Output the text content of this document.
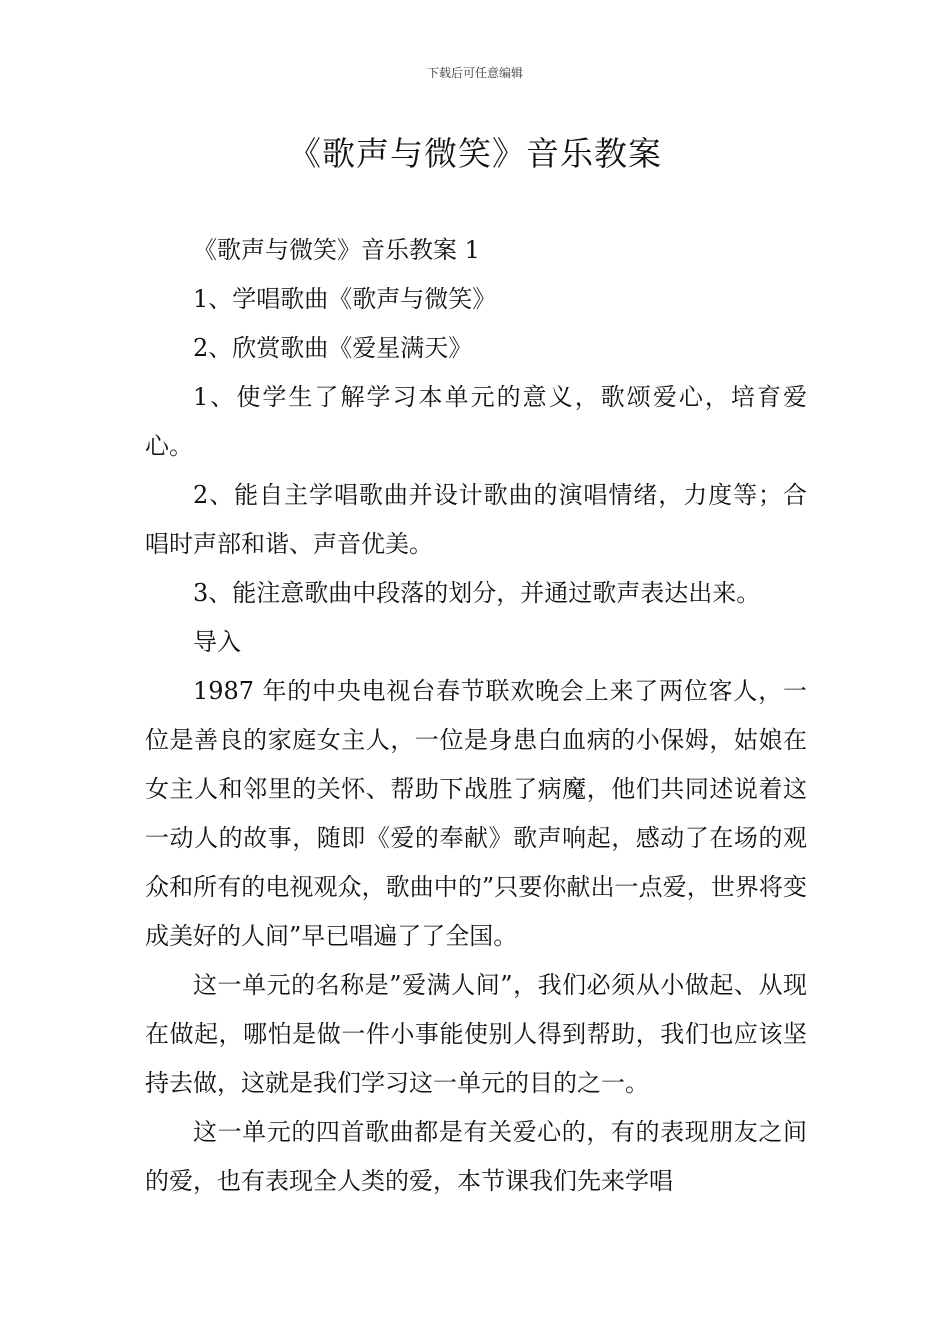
下载后可任意编辑
《歌声与微笑》音乐教案

《歌声与微笑》音乐教案 1

1、学唱歌曲《歌声与微笑》

2、欣赏歌曲《爱星满天》

1、使学生了解学习本单元的意义，歌颂爱心，培育爱心。

2、能自主学唱歌曲并设计歌曲的演唱情绪，力度等；合唱时声部和谐、声音优美。

3、能注意歌曲中段落的划分，并通过歌声表达出来。

导入

1987 年的中央电视台春节联欢晚会上来了两位客人，一位是善良的家庭女主人，一位是身患白血病的小保姆，姑娘在女主人和邻里的关怀、帮助下战胜了病魔，他们共同述说着这一动人的故事，随即《爱的奉献》歌声响起，感动了在场的观众和所有的电视观众，歌曲中的”只要你献出一点爱，世界将变成美好的人间”早已唱遍了了全国。

这一单元的名称是”爱满人间”，我们必须从小做起、从现在做起，哪怕是做一件小事能使别人得到帮助，我们也应该坚持去做，这就是我们学习这一单元的目的之一。

这一单元的四首歌曲都是有关爱心的，有的表现朋友之间的爱，也有表现全人类的爱，本节课我们先来学唱
